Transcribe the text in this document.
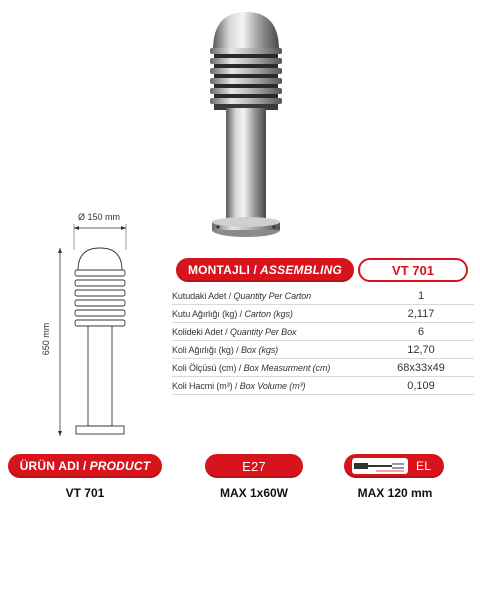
Ø 150 mm
650 mm
MONTAJLI / ASSEMBLING	VT 701
Kutudaki Adet / Quantity Per Carton	1
Kutu Ağırlığı (kg) / Carton (kgs)	2,117
Kolideki Adet / Quantity Per Box	6
Koli Ağırlığı (kg) / Box (kgs)	12,70
Koli Ölçüsü (cm) / Box Measurment (cm)	68x33x49
Koli Hacmi (m³) / Box Volume (m³)	0,109
ÜRÜN ADI / PRODUCT
VT 701
E27
MAX 1x60W
EL
MAX 120 mm
